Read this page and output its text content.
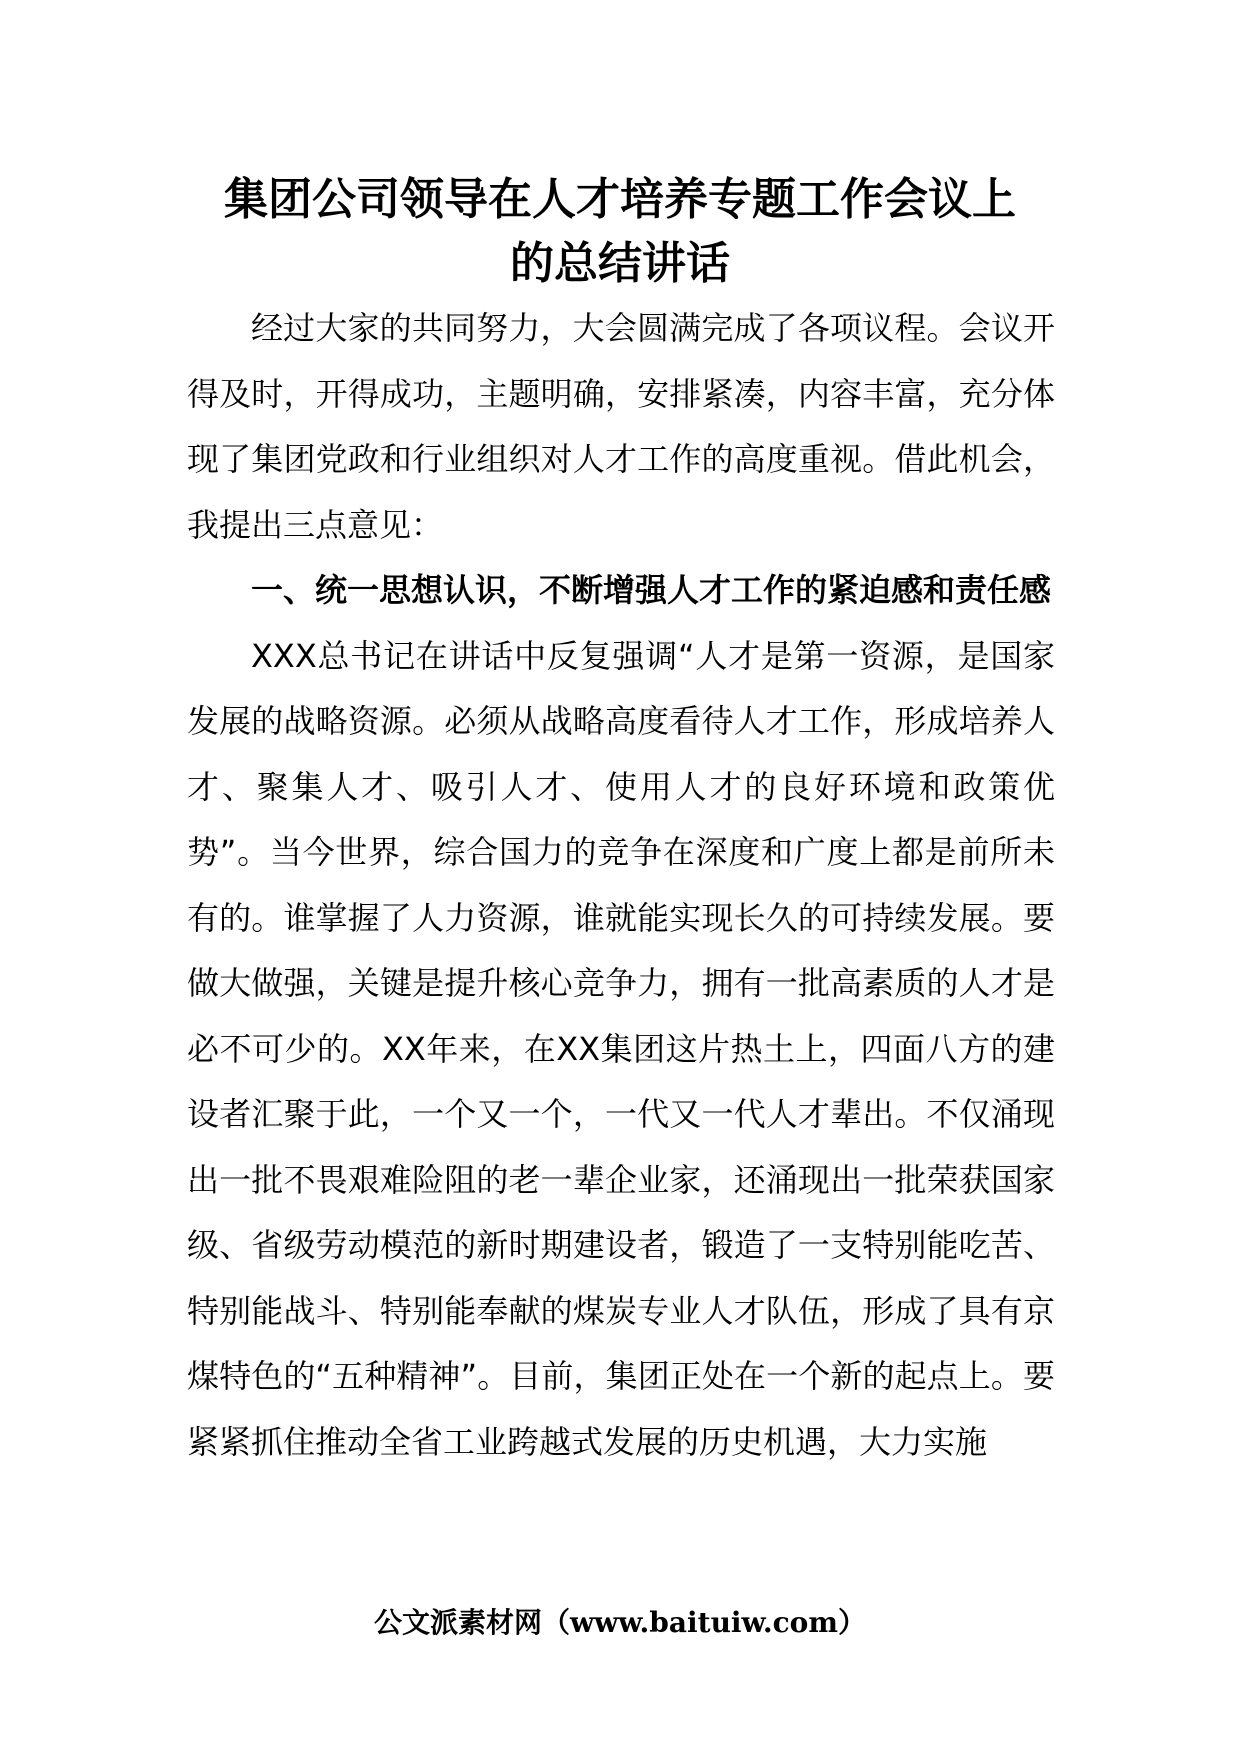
集团公司领导在人才培养专题工作会议上
的总结讲话

经过大家的共同努力，大会圆满完成了各项议程。会议开得及时，开得成功，主题明确，安排紧凑，内容丰富，充分体现了集团党政和行业组织对人才工作的高度重视。借此机会，我提出三点意见：

一、统一思想认识，不断增强人才工作的紧迫感和责任感

XXX总书记在讲话中反复强调“人才是第一资源，是国家发展的战略资源。必须从战略高度看待人才工作，形成培养人才、聚集人才、吸引人才、使用人才的良好环境和政策优势”。当今世界，综合国力的竞争在深度和广度上都是前所未有的。谁掌握了人力资源，谁就能实现长久的可持续发展。要做大做强，关键是提升核心竞争力，拥有一批高素质的人才是必不可少的。XX年来，在XX集团这片热土上，四面八方的建设者汇聚于此，一个又一个，一代又一代人才辈出。不仅涌现出一批不畏艰难险阻的老一辈企业家，还涌现出一批荣获国家级、省级劳动模范的新时期建设者，锻造了一支特别能吃苦、特别能战斗、特别能奉献的煤炭专业人才队伍，形成了具有京煤特色的“五种精神”。目前，集团正处在一个新的起点上。要紧紧抓住推动全省工业跨越式发展的历史机遇，大力实施

公文派素材网（www.baituiw.com）
